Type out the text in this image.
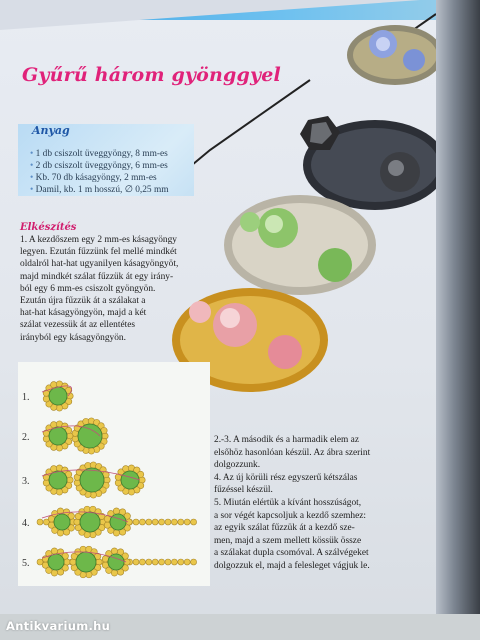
Gyűrű három gyönggyel
Anyag
• 1 db csiszolt üveggyöngy, 8 mm-es
• 2 db csiszolt üveggyöngy, 6 mm-es
• Kb. 70 db kásagyöngy, 2 mm-es
• Damil, kb. 1 m hosszú, ∅ 0,25 mm
Elkészítés
1. A kezdőszem egy 2 mm-es kásagyöngy
legyen. Ezután fűzzünk fel mellé mindkét
oldalról hat-hat ugyanilyen kásagyöngyöt,
majd mindkét szálat fűzzük át egy irány-
ból egy 6 mm-es csiszolt gyöngyön.
Ezután újra fűzzük át a szálakat a
hat-hat kásagyöngyön, majd a két
szálat vezessük át az ellentétes
irányból egy kásagyöngyön.
1.
2.
3.
4.
5.
2.-3. A második és a harmadik elem az
elsőhöz hasonlóan készül. Az ábra szerint
dolgozzunk.
4. Az új körüli rész egyszerű kétszálas
fűzéssel készül.
5. Miután elértük a kívánt hosszúságot,
a sor végét kapcsoljuk a kezdő szemhez:
az egyik szálat fűzzük át a kezdő sze-
men, majd a szem mellett kössük össze
a szálakat dupla csomóval. A szálvégeket
dolgozzuk el, majd a felesleget vágjuk le.
Antikvarium.hu
